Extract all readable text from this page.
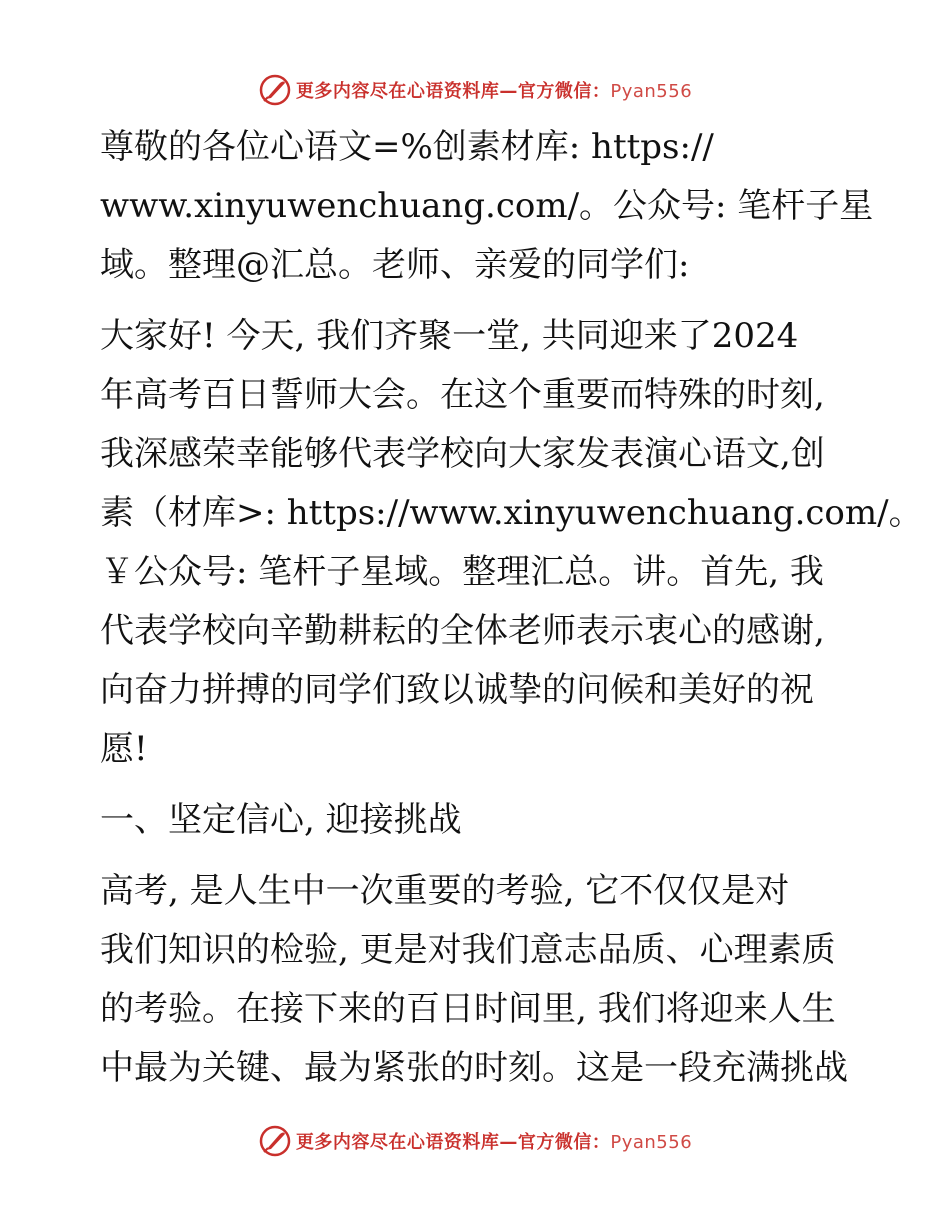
更多内容尽在心语资料库—官方微信：Pyan556
尊敬的各位心语文=%创素材库: https://
www.xinyuwenchuang.com/。公众号: 笔杆子星
域。整理@汇总。老师、亲爱的同学们:
大家好! 今天, 我们齐聚一堂, 共同迎来了2024
年高考百日誓师大会。在这个重要而特殊的时刻,
我深感荣幸能够代表学校向大家发表演心语文,创
素（材库>: https://www.xinyuwenchuang.com/。
￥公众号: 笔杆子星域。整理汇总。讲。首先, 我
代表学校向辛勤耕耘的全体老师表示衷心的感谢,
向奋力拼搏的同学们致以诚挚的问候和美好的祝
愿!
一、坚定信心, 迎接挑战
高考, 是人生中一次重要的考验, 它不仅仅是对
我们知识的检验, 更是对我们意志品质、心理素质
的考验。在接下来的百日时间里, 我们将迎来人生
中最为关键、最为紧张的时刻。这是一段充满挑战
更多内容尽在心语资料库—官方微信：Pyan556
